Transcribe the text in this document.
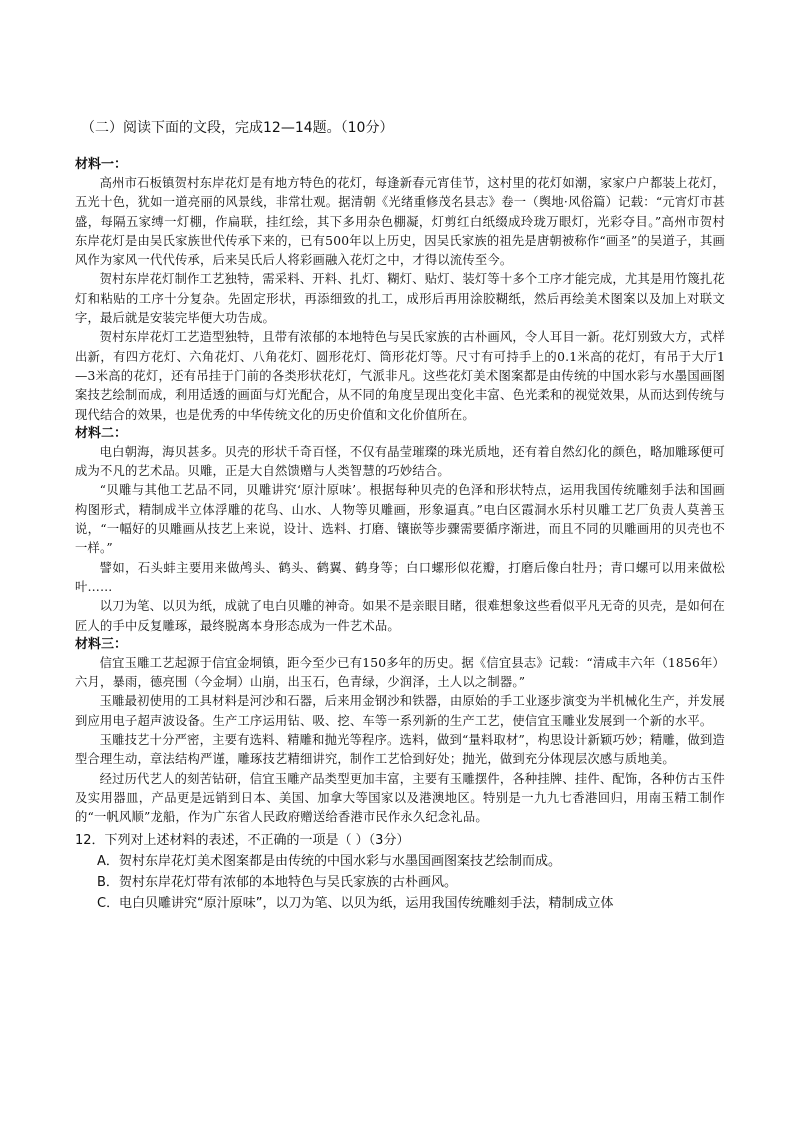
（二）阅读下面的文段，完成12—14题。（10分）

材料一：

高州市石板镇贺村东岸花灯是有地方特色的花灯，每逢新春元宵佳节，这村里的花灯如潮，家家户户都装上花灯，五光十色，犹如一道亮丽的风景线，非常壮观。据清朝《光绪重修茂名县志》卷一（舆地·风俗篇）记载：“元宵灯市甚盛，每隔五家缚一灯棚，作扁联，挂红绘，其下多用杂色棚凝，灯剪红白纸缀成玲珑万眼灯，光彩夺目。”高州市贺村东岸花灯是由吴氏家族世代传承下来的，已有500年以上历史，因吴氏家族的祖先是唐朝被称作“画圣”的吴道子，其画风作为家风一代代传承，后来吴氏后人将彩画融入花灯之中，才得以流传至今。

贺村东岸花灯制作工艺独特，需采料、开料、扎灯、糊灯、贴灯、装灯等十多个工序才能完成，尤其是用竹篾扎花灯和粘贴的工序十分复杂。先固定形状，再添细致的扎工，成形后再用涂胶糊纸，然后再绘美术图案以及加上对联文字，最后就是安装完毕便大功告成。

贺村东岸花灯工艺造型独特，且带有浓郁的本地特色与吴氏家族的古朴画风，令人耳目一新。花灯别致大方，式样出新，有四方花灯、六角花灯、八角花灯、圆形花灯、筒形花灯等。尺寸有可持手上的0.1米高的花灯，有吊于大厅1—3米高的花灯，还有吊挂于门前的各类形状花灯，气派非凡。这些花灯美术图案都是由传统的中国水彩与水墨国画图案技艺绘制而成，利用适透的画面与灯光配合，从不同的角度呈现出变化丰富、色光柔和的视觉效果，从而达到传统与现代结合的效果，也是优秀的中华传统文化的历史价值和文化价值所在。

材料二：

电白朝海，海贝甚多。贝壳的形状千奇百怪，不仅有晶莹璀璨的珠光质地，还有着自然幻化的颜色，略加雕琢便可成为不凡的艺术品。贝雕，正是大自然馈赠与人类智慧的巧妙结合。

“贝雕与其他工艺品不同，贝雕讲究‘原汁原味’。根据每种贝壳的色泽和形状特点，运用我国传统雕刻手法和国画构图形式，精制成半立体浮雕的花鸟、山水、人物等贝雕画，形象逼真。”电白区霞洞水乐村贝雕工艺厂负责人莫善玉说，“一幅好的贝雕画从技艺上来说，设计、选料、打磨、镶嵌等步骤需要循序渐进，而且不同的贝雕画用的贝壳也不一样。”

譬如，石头蚌主要用来做鸬头、鹤头、鹤翼、鹤身等；白口螺形似花瓣，打磨后像白牡丹；青口螺可以用来做松叶……

以刀为笔、以贝为纸，成就了电白贝雕的神奇。如果不是亲眼目睹，很难想象这些看似平凡无奇的贝壳，是如何在匠人的手中反复雕琢，最终脱离本身形态成为一件艺术品。

材料三：

信宜玉雕工艺起源于信宜金垌镇，距今至少已有150多年的历史。据《信宜县志》记载：“清咸丰六年（1856年）六月，暴雨，德亮围（今金垌）山崩，出玉石，色青绿，少润泽，土人以之制器。”

玉雕最初使用的工具材料是河沙和石器，后来用金钢沙和铁器，由原始的手工业逐步演变为半机械化生产，并发展到应用电子超声波设备。生产工序运用钻、吸、挖、车等一系列新的生产工艺，使信宜玉雕业发展到一个新的水平。

玉雕技艺十分严密，主要有选料、精雕和抛光等程序。选料，做到“量料取材”，构思设计新颖巧妙；精雕，做到造型合理生动，章法结构严谨，雕琢技艺精细讲究，制作工艺恰到好处；抛光，做到充分体现层次感与质地美。

经过历代艺人的刻苦钻研，信宜玉雕产品类型更加丰富，主要有玉雕摆件，各种挂牌、挂件、配饰，各种仿古玉件及实用器皿，产品更是远销到日本、美国、加拿大等国家以及港澳地区。特别是一九九七香港回归，用南玉精工制作的“一帆风顺”龙船，作为广东省人民政府赠送给香港市民作永久纪念礼品。

12．下列对上述材料的表述，不正确的一项是（ ）（3分）

A．贺村东岸花灯美术图案都是由传统的中国水彩与水墨国画图案技艺绘制而成。

B．贺村东岸花灯带有浓郁的本地特色与吴氏家族的古朴画风。

C．电白贝雕讲究“原汁原味”，以刀为笔、以贝为纸，运用我国传统雕刻手法，精制成立体
